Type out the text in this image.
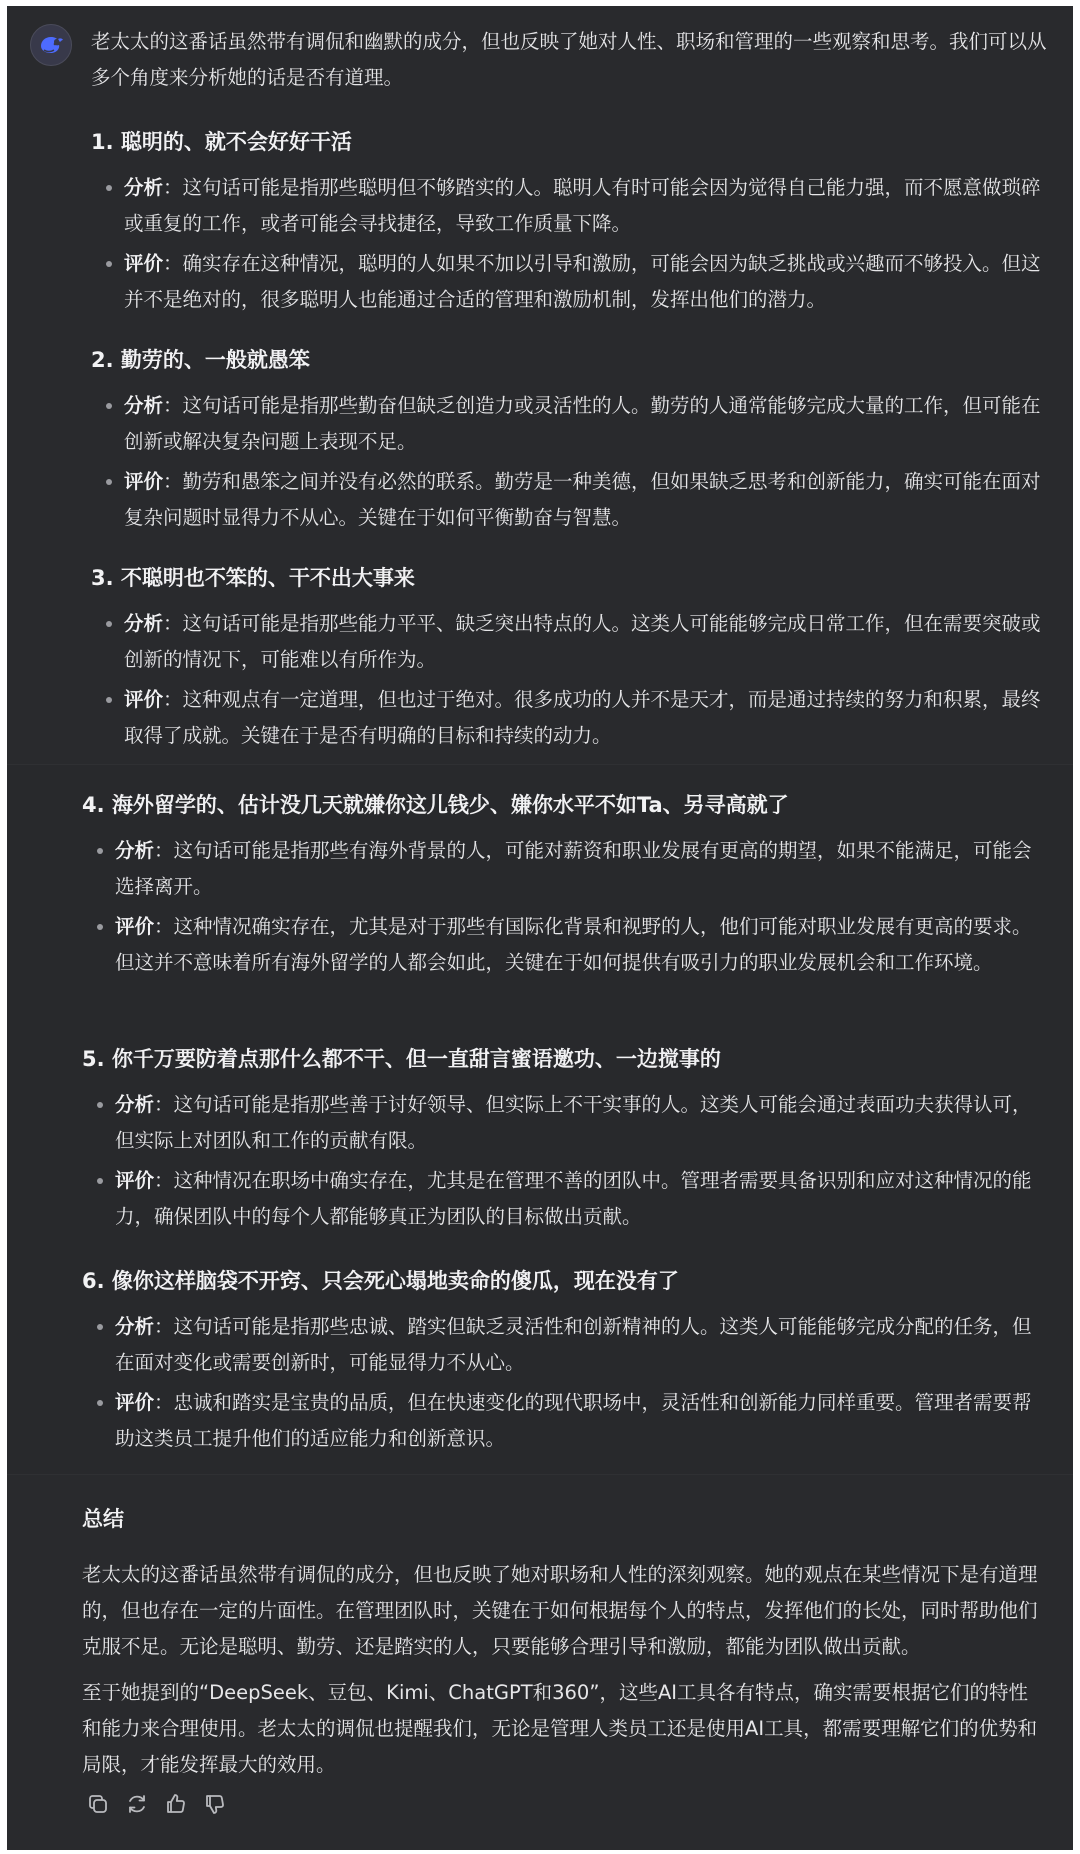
老太太的这番话虽然带有调侃和幽默的成分，但也反映了她对人性、职场和管理的一些观察和思考。我们可以从多个角度来分析她的话是否有道理。

1. 聪明的、就不会好好干活
分析：这句话可能是指那些聪明但不够踏实的人。聪明人有时可能会因为觉得自己能力强，而不愿意做琐碎或重复的工作，或者可能会寻找捷径，导致工作质量下降。
评价：确实存在这种情况，聪明的人如果不加以引导和激励，可能会因为缺乏挑战或兴趣而不够投入。但这并不是绝对的，很多聪明人也能通过合适的管理和激励机制，发挥出他们的潜力。
2. 勤劳的、一般就愚笨
分析：这句话可能是指那些勤奋但缺乏创造力或灵活性的人。勤劳的人通常能够完成大量的工作，但可能在创新或解决复杂问题上表现不足。
评价：勤劳和愚笨之间并没有必然的联系。勤劳是一种美德，但如果缺乏思考和创新能力，确实可能在面对复杂问题时显得力不从心。关键在于如何平衡勤奋与智慧。
3. 不聪明也不笨的、干不出大事来
分析：这句话可能是指那些能力平平、缺乏突出特点的人。这类人可能能够完成日常工作，但在需要突破或创新的情况下，可能难以有所作为。
评价：这种观点有一定道理，但也过于绝对。很多成功的人并不是天才，而是通过持续的努力和积累，最终取得了成就。关键在于是否有明确的目标和持续的动力。
4. 海外留学的、估计没几天就嫌你这儿钱少、嫌你水平不如Ta、另寻高就了
分析：这句话可能是指那些有海外背景的人，可能对薪资和职业发展有更高的期望，如果不能满足，可能会选择离开。
评价：这种情况确实存在，尤其是对于那些有国际化背景和视野的人，他们可能对职业发展有更高的要求。但这并不意味着所有海外留学的人都会如此，关键在于如何提供有吸引力的职业发展机会和工作环境。
5. 你千万要防着点那什么都不干、但一直甜言蜜语邀功、一边搅事的
分析：这句话可能是指那些善于讨好领导、但实际上不干实事的人。这类人可能会通过表面功夫获得认可，但实际上对团队和工作的贡献有限。
评价：这种情况在职场中确实存在，尤其是在管理不善的团队中。管理者需要具备识别和应对这种情况的能力，确保团队中的每个人都能够真正为团队的目标做出贡献。
6. 像你这样脑袋不开窍、只会死心塌地卖命的傻瓜，现在没有了
分析：这句话可能是指那些忠诚、踏实但缺乏灵活性和创新精神的人。这类人可能能够完成分配的任务，但在面对变化或需要创新时，可能显得力不从心。
评价：忠诚和踏实是宝贵的品质，但在快速变化的现代职场中，灵活性和创新能力同样重要。管理者需要帮助这类员工提升他们的适应能力和创新意识。
总结

老太太的这番话虽然带有调侃的成分，但也反映了她对职场和人性的深刻观察。她的观点在某些情况下是有道理的，但也存在一定的片面性。在管理团队时，关键在于如何根据每个人的特点，发挥他们的长处，同时帮助他们克服不足。无论是聪明、勤劳、还是踏实的人，只要能够合理引导和激励，都能为团队做出贡献。

至于她提到的“DeepSeek、豆包、Kimi、ChatGPT和360”，这些AI工具各有特点，确实需要根据它们的特性和能力来合理使用。老太太的调侃也提醒我们，无论是管理人类员工还是使用AI工具，都需要理解它们的优势和局限，才能发挥最大的效用。
